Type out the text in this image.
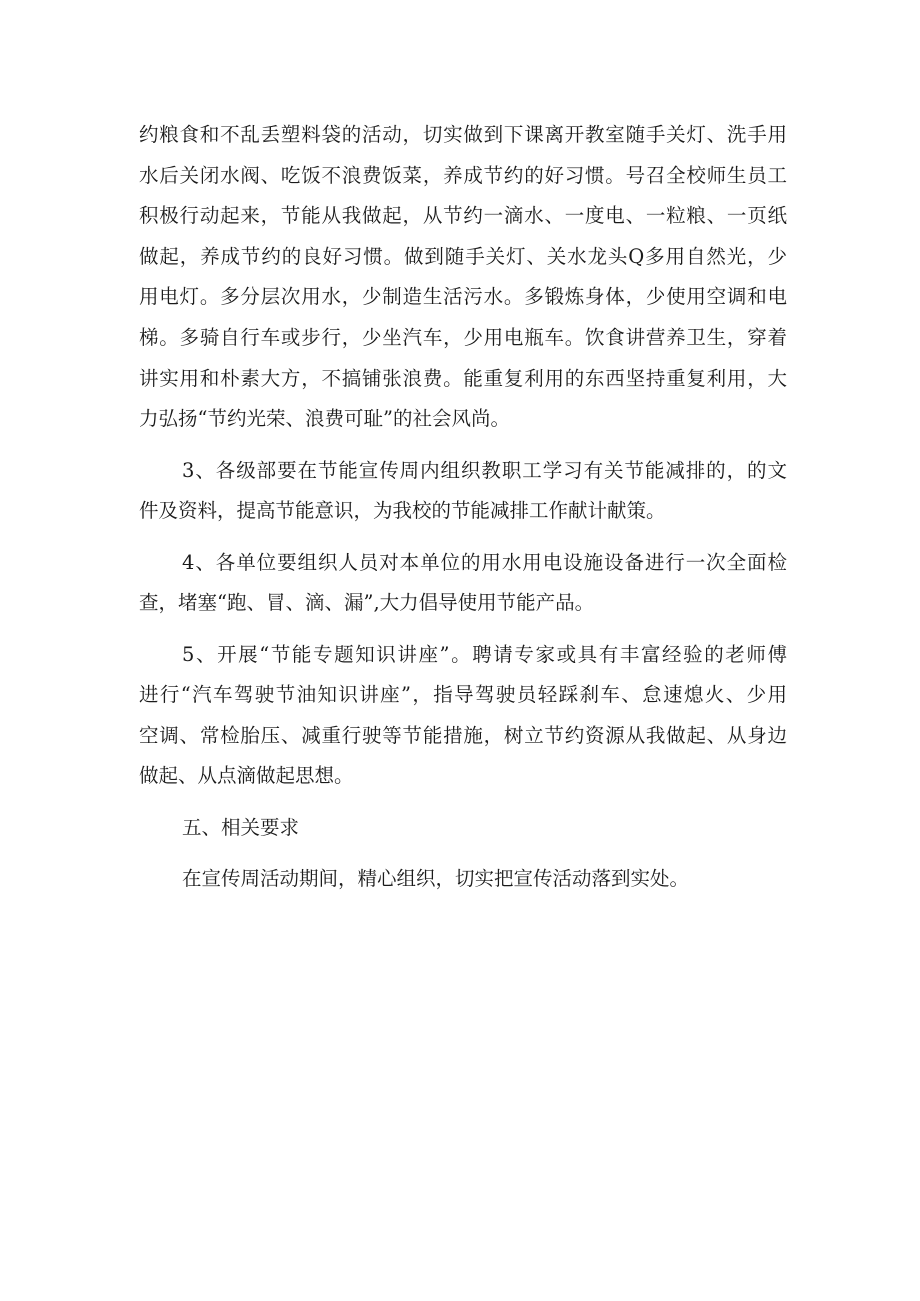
约粮食和不乱丢塑料袋的活动，切实做到下课离开教室随手关灯、洗手用
水后关闭水阀、吃饭不浪费饭菜，养成节约的好习惯。号召全校师生员工
积极行动起来，节能从我做起，从节约一滴水、一度电、一粒粮、一页纸
做起，养成节约的良好习惯。做到随手关灯、关水龙头Q多用自然光，少
用电灯。多分层次用水，少制造生活污水。多锻炼身体，少使用空调和电
梯。多骑自行车或步行，少坐汽车，少用电瓶车。饮食讲营养卫生，穿着
讲实用和朴素大方，不搞铺张浪费。能重复利用的东西坚持重复利用，大
力弘扬“节约光荣、浪费可耻”的社会风尚。

3、各级部要在节能宣传周内组织教职工学习有关节能减排的，的文
件及资料，提高节能意识，为我校的节能减排工作献计献策。

4、各单位要组织人员对本单位的用水用电设施设备进行一次全面检
查，堵塞“跑、冒、滴、漏”,大力倡导使用节能产品。

5、开展“节能专题知识讲座”。聘请专家或具有丰富经验的老师傅
进行“汽车驾驶节油知识讲座”，指导驾驶员轻踩刹车、怠速熄火、少用
空调、常检胎压、减重行驶等节能措施，树立节约资源从我做起、从身边
做起、从点滴做起思想。

五、相关要求

在宣传周活动期间，精心组织，切实把宣传活动落到实处。
